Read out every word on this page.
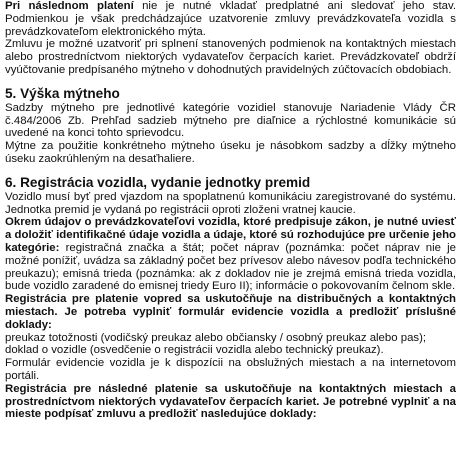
Pri následnom platení nie je nutné vkladať predplatné ani sledovať jeho stav. Podmienkou je však predchádzajúce uzatvorenie zmluvy prevádzkovateľa vozidla s prevádzkovateľom elektronického mýta.

Zmluvu je možné uzatvoriť pri splnení stanovených podmienok na kontaktných miestach alebo prostredníctvom niektorých vydavateľov čerpacích kariet. Prevádzkovateľ obdrží vyúčtovanie predpísaného mýtneho v dohodnutých pravidelných zúčtovacích obdobiach.

5. Výška mýtneho

Sadzby mýtneho pre jednotlivé kategórie vozidiel stanovuje Nariadenie Vlády ČR č.484/2006 Zb. Prehľad sadzieb mýtneho pre diaľnice a rýchlostné komunikácie sú uvedené na konci tohto sprievodcu.

Mýtne za použitie konkrétneho mýtneho úseku je násobkom sadzby a dĺžky mýtneho úseku zaokrúhleným na desaťhaliere.

6. Registrácia vozidla, vydanie jednotky premid

Vozidlo musí byť pred vjazdom na spoplatnenú komunikáciu zaregistrované do systému. Jednotka premid je vydaná po registrácii oproti zloženi vratnej kaucie.

Okrem údajov o prevádzkovateľovi vozidla, ktoré predpisuje zákon, je nutné uviesť a doložiť identifikačné údaje vozidla a údaje, ktoré sú rozhodujúce pre určenie jeho kategórie: registračná značka a štát; počet náprav (poznámka: počet náprav nie je možné ponížiť, uvádza sa základný počet bez prívesov alebo návesov podľa technického preukazu); emisná trieda (poznámka: ak z dokladov nie je zrejmá emisná trieda vozidla, bude vozidlo zaradené do emisnej triedy Euro II); informácie o pokovovaním čelnom skle.

Registrácia pre platenie vopred sa uskutočňuje na distribučných a kontaktných miestach. Je potreba vyplniť formulár evidencie vozidla a predložiť príslušné doklady:

preukaz totožnosti (vodičský preukaz alebo občiansky / osobný preukaz alebo pas);

doklad o vozidle (osvedčenie o registrácii vozidla alebo technický preukaz).

Formulár evidencie vozidla je k dispozícii na obslužných miestach a na internetovom portáli.

Registrácia pre následné platenie sa uskutočňuje na kontaktných miestach a prostredníctvom niektorých vydavateľov čerpacích kariet. Je potrebné vyplniť a na mieste podpísať zmluvu a predložiť nasledujúce doklady:
